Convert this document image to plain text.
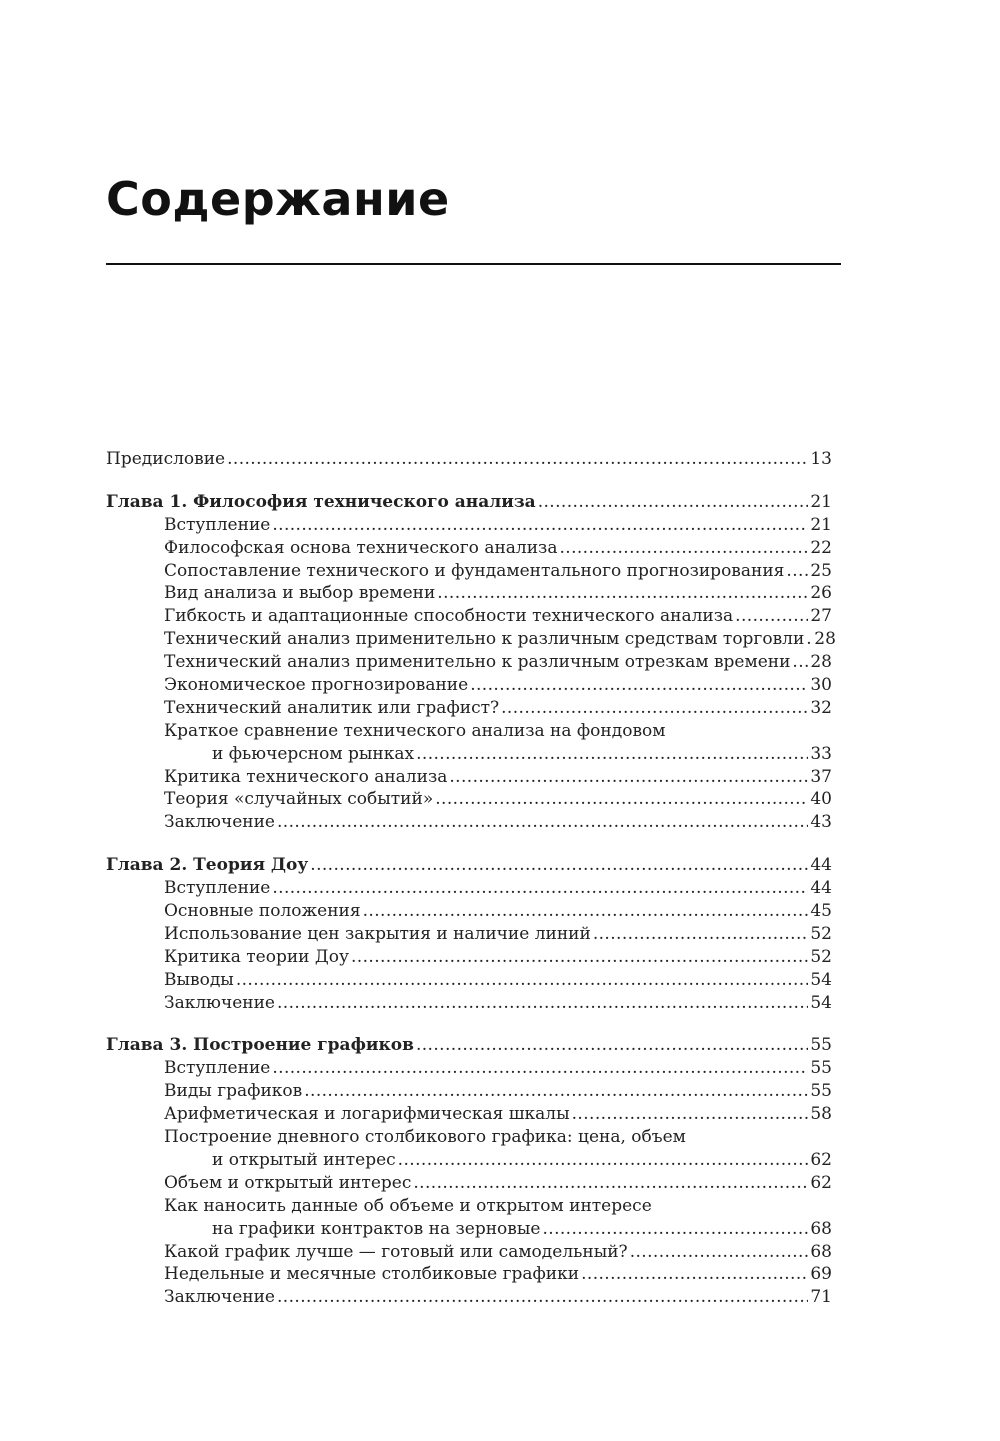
Содержание
Предисловие .....	13
Глава 1. Философия технического анализа .....	21
Вступление .....	21
Философская основа технического анализа .....	22
Сопоставление технического и фундаментального прогнозирования ..... 25
Вид анализа и выбор времени .....	26
Гибкость и адаптационные способности технического анализа .....	27
Технический анализ применительно к различным средствам торговли ..... 28
Технический анализ применительно к различным отрезкам времени ..... 28
Экономическое прогнозирование .....	30
Технический аналитик или графист? .....	32
Краткое сравнение технического анализа на фондовом
и фьючерсном рынках .....	33
Критика технического анализа .....	37
Теория «случайных событий» .....	40
Заключение .....	43
Глава 2. Теория Доу .....	44
Вступление .....	44
Основные положения .....	45
Использование цен закрытия и наличие линий .....	52
Критика теории Доу .....	52
Выводы .....	54
Заключение .....	54
Глава 3. Построение графиков .....	55
Вступление .....	55
Виды графиков .....	55
Арифметическая и логарифмическая шкалы .....	58
Построение дневного столбикового графика: цена, объем
и открытый интерес .....	62
Объем и открытый интерес .....	62
Как наносить данные об объеме и открытом интересе
на графики контрактов на зерновые .....	68
Какой график лучше — готовый или самодельный? .....	68
Недельные и месячные столбиковые графики .....	69
Заключение .....	71
